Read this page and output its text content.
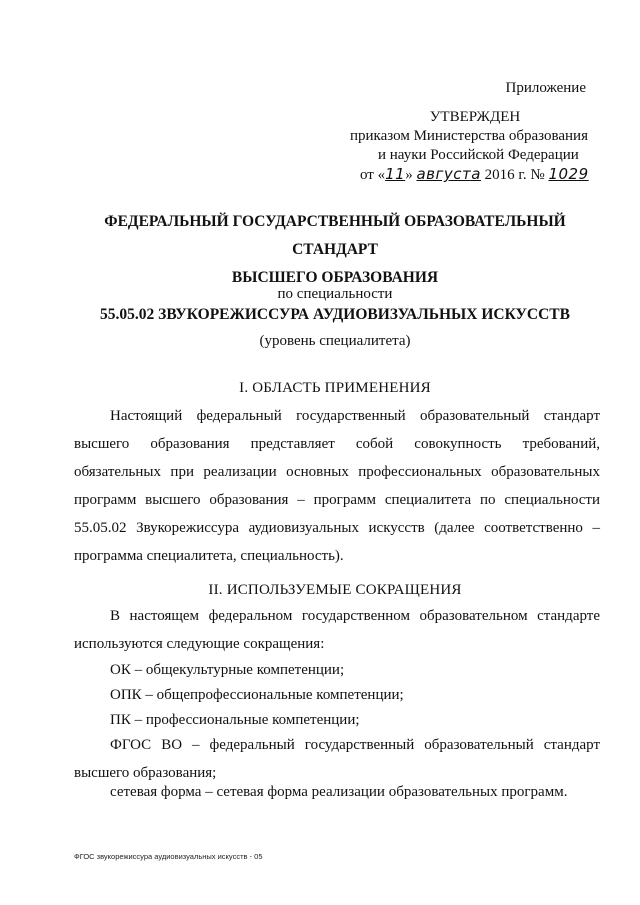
Приложение
УТВЕРЖДЕН
приказом Министерства образования
и науки Российской Федерации
от «11» августа 2016 г. № 1029
ФЕДЕРАЛЬНЫЙ ГОСУДАРСТВЕННЫЙ ОБРАЗОВАТЕЛЬНЫЙ СТАНДАРТ
ВЫСШЕГО ОБРАЗОВАНИЯ
по специальности
55.05.02 ЗВУКОРЕЖИССУРА АУДИОВИЗУАЛЬНЫХ ИСКУССТВ
(уровень специалитета)
I. ОБЛАСТЬ ПРИМЕНЕНИЯ
Настоящий федеральный государственный образовательный стандарт высшего образования представляет собой совокупность требований, обязательных при реализации основных профессиональных образовательных программ высшего образования – программ специалитета по специальности 55.05.02 Звукорежиссура аудиовизуальных искусств (далее соответственно – программа специалитета, специальность).
II. ИСПОЛЬЗУЕМЫЕ СОКРАЩЕНИЯ
В настоящем федеральном государственном образовательном стандарте используются следующие сокращения:
ОК – общекультурные компетенции;
ОПК – общепрофессиональные компетенции;
ПК – профессиональные компетенции;
ФГОС ВО – федеральный государственный образовательный стандарт высшего образования;
сетевая форма – сетевая форма реализации образовательных программ.
ФГОС звукорежиссура аудиовизуальных искусств - 05
